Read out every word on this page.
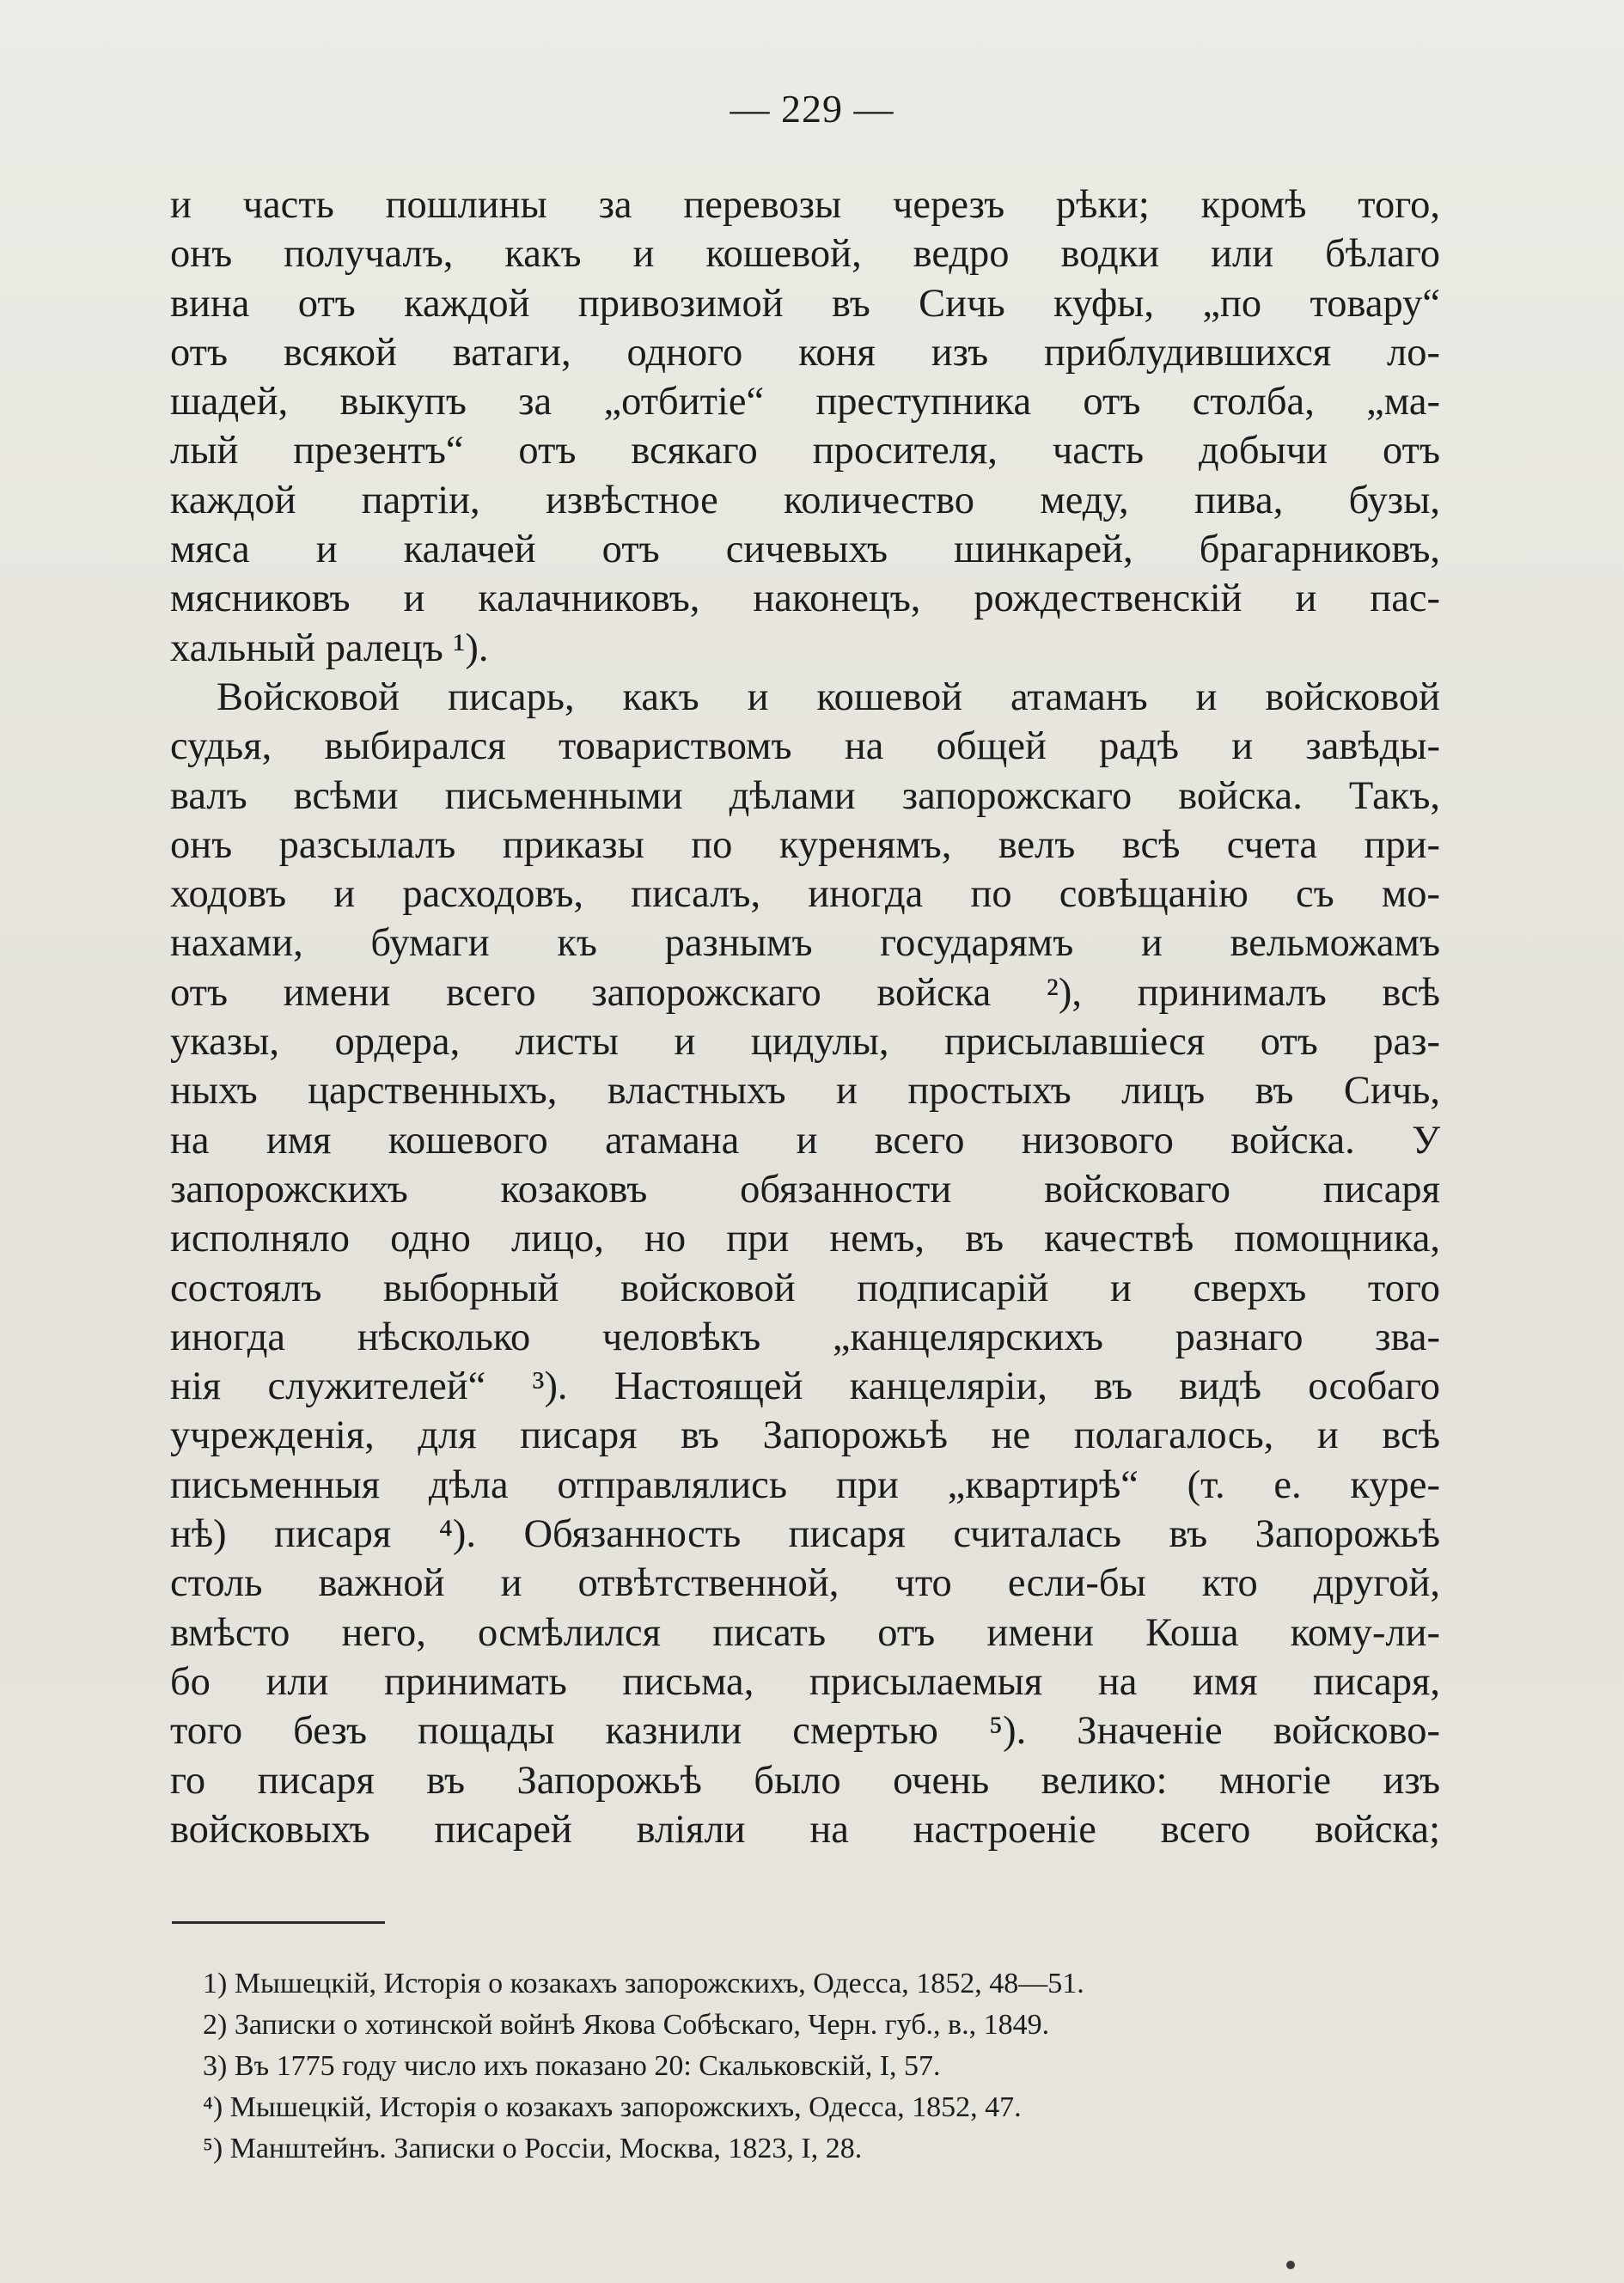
— 229 —

и часть пошлины за перевозы черезъ рѣки; кромѣ того,

онъ получалъ, какъ и кошевой, ведро водки или бѣлаго

вина отъ каждой привозимой въ Сичь куфы, „по товару“

отъ всякой ватаги, одного коня изъ приблудившихся ло-

шадей, выкупъ за „отбитіе“ преступника отъ столба, „ма-

лый презентъ“ отъ всякаго просителя, часть добычи отъ

каждой партіи, извѣстное количество меду, пива, бузы,

мяса и калачей отъ сичевыхъ шинкарей, брагарниковъ,

мясниковъ и калачниковъ, наконецъ, рождественскій и пас-

хальный ралецъ ¹).

Войсковой писарь, какъ и кошевой атаманъ и войсковой

судья, выбирался товариствомъ на общей радѣ и завѣды-

валъ всѣми письменными дѣлами запорожскаго войска. Такъ,

онъ разсылалъ приказы по куренямъ, велъ всѣ счета при-

ходовъ и расходовъ, писалъ, иногда по совѣщанію съ мо-

нахами, бумаги къ разнымъ государямъ и вельможамъ

отъ имени всего запорожскаго войска ²), принималъ всѣ

указы, ордера, листы и цидулы, присылавшіеся отъ раз-

ныхъ царственныхъ, властныхъ и простыхъ лицъ въ Сичь,

на имя кошевого атамана и всего низового войска. У

запорожскихъ козаковъ обязанности войсковаго писаря

исполняло одно лицо, но при немъ, въ качествѣ помощника,

состоялъ выборный войсковой подписарій и сверхъ того

иногда нѣсколько человѣкъ „канцелярскихъ разнаго зва-

нія служителей“ ³). Настоящей канцеляріи, въ видѣ особаго

учрежденія, для писаря въ Запорожьѣ не полагалось, и всѣ

письменныя дѣла отправлялись при „квартирѣ“ (т. е. куре-

нѣ) писаря ⁴). Обязанность писаря считалась въ Запорожьѣ

столь важной и отвѣтственной, что если-бы кто другой,

вмѣсто него, осмѣлился писать отъ имени Коша кому-ли-

бо или принимать письма, присылаемыя на имя писаря,

того безъ пощады казнили смертью ⁵). Значеніе войсково-

го писаря въ Запорожьѣ было очень велико: многіе изъ

войсковыхъ писарей вліяли на настроеніе всего войска;

1) Мышецкій, Исторія о козакахъ запорожскихъ, Одесса, 1852, 48—51.
2) Записки о хотинской войнѣ Якова Собѣскаго, Черн. губ., в., 1849.
3) Въ 1775 году число ихъ показано 20: Скальковскій, I, 57.
⁴) Мышецкій, Исторія о козакахъ запорожскихъ, Одесса, 1852, 47.
⁵) Манштейнъ. Записки о Россіи, Москва, 1823, I, 28.
